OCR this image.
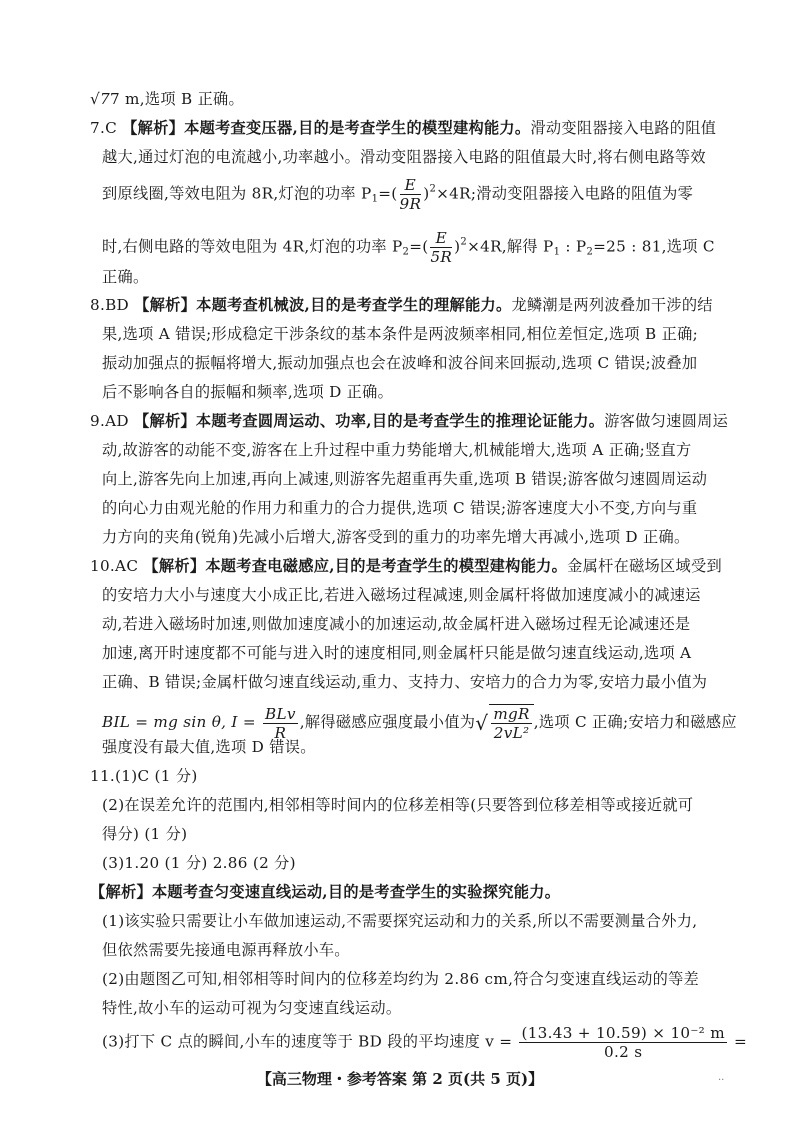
√77 m,选项 B 正确。
7.C 【解析】本题考查变压器,目的是考查学生的模型建构能力。滑动变阻器接入电路的阻值
越大,通过灯泡的电流越小,功率越小。滑动变阻器接入电路的阻值最大时,将右侧电路等效
到原线圈,等效电阻为 8R,灯泡的功率 $P_1=( \frac{E}{9R} )^2\times 4R$;滑动变阻器接入电路的阻值为零
时,右侧电路的等效电阻为 4R,灯泡的功率 $P_2=( \frac{E}{5R} )^2\times 4R$,解得 $P_1$ : $P_2=25$ : 81,选项 C
正确。
8.BD 【解析】本题考查机械波,目的是考查学生的理解能力。龙鳞潮是两列波叠加干涉的结
果,选项 A 错误;形成稳定干涉条纹的基本条件是两波频率相同,相位差恒定,选项 B 正确;
振动加强点的振幅将增大,振动加强点也会在波峰和波谷间来回振动,选项 C 错误;波叠加
后不影响各自的振幅和频率,选项 D 正确。
9.AD 【解析】本题考查圆周运动、功率,目的是考查学生的推理论证能力。游客做匀速圆周运
动,故游客的动能不变,游客在上升过程中重力势能增大,机械能增大,选项 A 正确;竖直方
向上,游客先向上加速,再向上减速,则游客先超重再失重,选项 B 错误;游客做匀速圆周运动
的向心力由观光舱的作用力和重力的合力提供,选项 C 错误;游客速度大小不变,方向与重
力方向的夹角(锐角)先减小后增大,游客受到的重力的功率先增大再减小,选项 D 正确。
10.AC 【解析】本题考查电磁感应,目的是考查学生的模型建构能力。金属杆在磁场区域受到
的安培力大小与速度大小成正比,若进入磁场过程减速,则金属杆将做加速度减小的减速运
动,若进入磁场时加速,则做加速度减小的加速运动,故金属杆进入磁场过程无论减速还是
加速,离开时速度都不可能与进入时的速度相同,则金属杆只能是做匀速直线运动,选项 A
正确、B 错误;金属杆做匀速直线运动,重力、支持力、安培力的合力为零,安培力最小值为
BIL = mg sin θ, $I = \frac{\text{BLv}}{R}$ ,解得磁感应强度最小值为√ $\frac{\text{mgR}}{\text{2vL²}}$ ,选项 C 正确;安培力和磁感应
强度没有最大值,选项 D 错误。
11.(1)C (1 分)
(2)在误差允许的范围内,相邻相等时间内的位移差相等(只要答到位移差相等或接近就可
得分) (1 分)
(3)1.20 (1 分) 2.86 (2 分)
【解析】本题考查匀变速直线运动,目的是考查学生的实验探究能力。
(1)该实验只需要让小车做加速运动,不需要探究运动和力的关系,所以不需要测量合外力,
但依然需要先接通电源再释放小车。
(2)由题图乙可知,相邻相等时间内的位移差均约为 2.86 cm,符合匀变速直线运动的等差
特性,故小车的运动可视为匀变速直线运动。
(3)打下 C 点的瞬间,小车的速度等于 BD 段的平均速度 $v = \frac{\text{(13.43 + 10.59) × 10⁻² m}}{0.2 s}$ =
【高三物理・参考答案 第 2 页(共 5 页)】	..
